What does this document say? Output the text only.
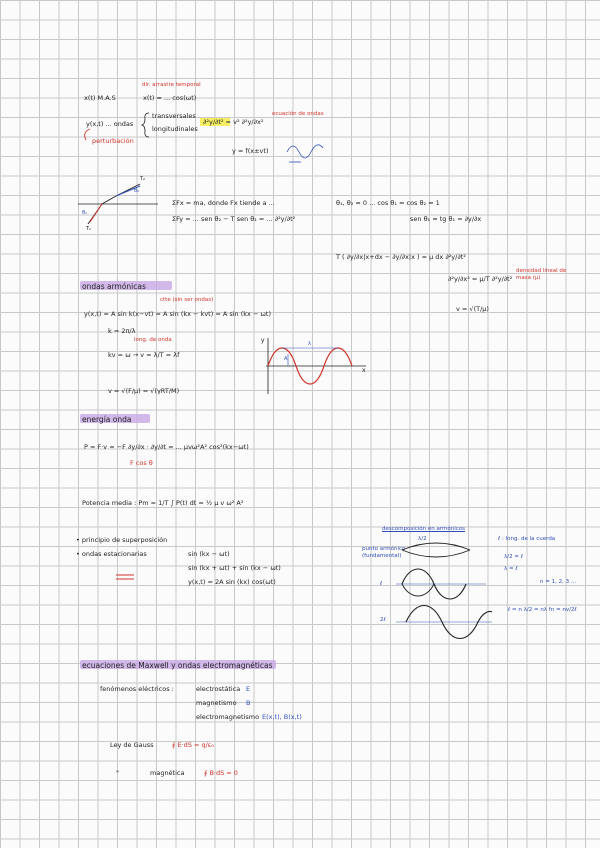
x(t) M.A.S
dir. arrastre temporal
x(t) = ... cos(ωt)
y(x,t) ... ondas
transversales
longitudinales
perturbación
∂²y/∂t² = v² ∂²y/∂x²
ecuación de ondas
y = f(x±vt)
T₂
T₁
θ₁
θ₂
ΣFx = ma, donde Fx tiende a ...
ΣFy = ... sen θ₂ − T sen θ₁ = ... ∂²y/∂t²
θ₁, θ₂ ≈ 0 ... cos θ₁ ≈ cos θ₂ ≈ 1
sen θ₁ ≈ tg θ₁ = ∂y/∂x
T ( ∂y/∂x|x+dx − ∂y/∂x|x ) = μ dx ∂²y/∂t²
∂²y/∂x² = μ/T ∂²y/∂t²
densidad lineal de masa (μ)
v = √(T/μ)
ondas armónicas
ctte (sin ser ondas)
y(x,t) = A sin k(x−vt) = A sin (kx − kvt) = A sin (kx − ωt)
k = 2π/λ
long. de onda
kv = ω → v = λ/T = λf
v = √(F/μ) = √(γRT/M)
y
x
λ
A
energía onda
P = F·v = −F ∂y/∂x · ∂y/∂t = ... μvω²A² cos²(kx−ωt)
F cos θ
Potencia media : Pm = 1/T ∫ P(t) dt = ½ μ v ω² A²
• principio de superposición
• ondas estacionarias	sin (kx − ωt)
sin (kx + ωt) + sin (kx − ωt)
y(x,t) = 2A sin (kx) cos(ωt)
descomposición en armónicos
punto armónico (fundamental)
λ/2
ℓ
2ℓ
ℓ : long. de la cuerda
λ/2 = ℓ
λ = ℓ
n = 1, 2, 3 ...
ℓ = n λ/2 = nλ fn = nv/2ℓ
ecuaciones de Maxwell y ondas electromagnéticas
fenómenos eléctricos :	electrostática E
magnetismo B
electromagnetismo E(x,t), B(x,t)
Ley de Gauss	∮ E·dS = q/ε₀
"	magnética	∮ B·dS = 0
